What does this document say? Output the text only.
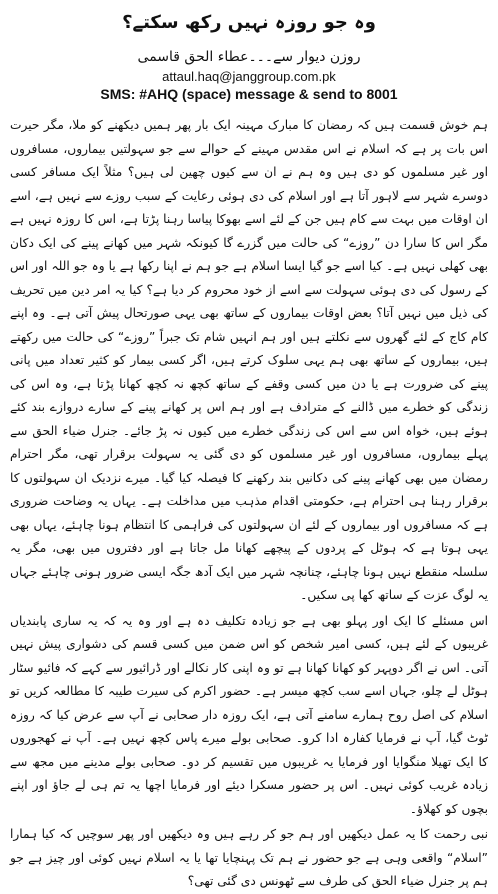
وہ جو روزہ نہیں رکھ سکتے؟
روزن دیوار سے۔۔۔عطاء الحق قاسمی
attaul.haq@janggroup.com.pk
SMS: #AHQ (space) message & send to 8001

ہم خوش قسمت ہیں کہ رمضان کا مبارک مہینہ ایک بار پھر ہمیں دیکھنے کو ملا، مگر حیرت اس بات پر ہے کہ اسلام نے اس مقدس مہینے کے حوالے سے جو سہولتیں بیماروں، مسافروں اور غیر مسلموں کو دی ہیں وہ ہم نے ان سے کیوں چھین لی ہیں؟ مثلاً ایک مسافر کسی دوسرے شہر سے لاہور آتا ہے اور اسلام کی دی ہوئی رعایت کے سبب روزے سے نہیں ہے، اسے ان اوقات میں بہت سے کام ہیں جن کے لئے اسے بھوکا پیاسا رہنا پڑتا ہے، اس کا روزہ نہیں ہے مگر اس کا سارا دن ”روزے“ کی حالت میں گزرے گا کیونکہ شہر میں کھانے پینے کی ایک دکان بھی کھلی نہیں ہے۔ کیا اسے جو گیا ایسا اسلام ہے جو ہم نے اپنا رکھا ہے یا وہ جو اللہ اور اس کے رسول کی دی ہوئی سہولت سے اسے از خود محروم کر دیا ہے؟ کیا یہ امر دین میں تحریف کی ذیل میں نہیں آتا؟ بعض اوقات بیماروں کے ساتھ بھی یہی صورتحال پیش آتی ہے۔ وہ اپنے کام کاج کے لئے گھروں سے نکلتے ہیں اور ہم انہیں شام تک جبراً ”روزے“ کی حالت میں رکھتے ہیں، بیماروں کے ساتھ بھی ہم یہی سلوک کرتے ہیں، اگر کسی بیمار کو کثیر تعداد میں پانی پینے کی ضرورت ہے یا دن میں کسی وقفے کے ساتھ کچھ نہ کچھ کھانا پڑتا ہے، وہ اس کی زندگی کو خطرے میں ڈالنے کے مترادف ہے اور ہم اس پر کھانے پینے کے سارے دروازے بند کئے ہوئے ہیں، خواہ اس سے اس کی زندگی خطرے میں کیوں نہ پڑ جائے۔ جنرل ضیاء الحق سے پہلے بیماروں، مسافروں اور غیر مسلموں کو دی گئی یہ سہولت برقرار تھی، مگر احترام رمضان میں بھی کھانے پینے کی دکانیں بند رکھنے کا فیصلہ کیا گیا۔ میرے نزدیک ان سہولتوں کا برقرار رہنا ہی احترام ہے، حکومتی اقدام مذہب میں مداخلت ہے۔ یہاں یہ وضاحت ضروری ہے کہ مسافروں اور بیماروں کے لئے ان سہولتوں کی فراہمی کا انتظام ہونا چاہئے، یہاں بھی یہی ہوتا ہے کہ ہوٹل کے پردوں کے پیچھے کھانا مل جاتا ہے اور دفتروں میں بھی، مگر یہ سلسلہ منقطع نہیں ہونا چاہئے، چنانچہ شہر میں ایک آدھ جگہ ایسی ضرور ہونی چاہئے جہاں یہ لوگ عزت کے ساتھ کھا پی سکیں۔

اس مسئلے کا ایک اور پہلو بھی ہے جو زیادہ تکلیف دہ ہے اور وہ یہ کہ یہ ساری پابندیاں غریبوں کے لئے ہیں، کسی امیر شخص کو اس ضمن میں کسی قسم کی دشواری پیش نہیں آتی۔ اس نے اگر دوپہر کو کھانا کھانا ہے تو وہ اپنی کار نکالے اور ڈرائیور سے کہے کہ فائیو سٹار ہوٹل لے چلو، جہاں اسے سب کچھ میسر ہے۔ حضور اکرم کی سیرت طیبہ کا مطالعہ کریں تو اسلام کی اصل روح ہمارے سامنے آتی ہے، ایک روزہ دار صحابی نے آپ سے عرض کیا کہ روزہ ٹوٹ گیا، آپ نے فرمایا کفارہ ادا کرو۔ صحابی بولے میرے پاس کچھ نہیں ہے۔ آپ نے کھجوروں کا ایک تھیلا منگوایا اور فرمایا یہ غریبوں میں تقسیم کر دو۔ صحابی بولے مدینے میں مجھ سے زیادہ غریب کوئی نہیں۔ اس پر حضور مسکرا دیئے اور فرمایا اچھا یہ تم ہی لے جاؤ اور اپنے بچوں کو کھلاؤ۔

نبی رحمت کا یہ عمل دیکھیں اور ہم جو کر رہے ہیں وہ دیکھیں اور پھر سوچیں کہ کیا ہمارا ”اسلام“ واقعی وہی ہے جو حضور نے ہم تک پہنچایا تھا یا یہ اسلام نہیں کوئی اور چیز ہے جو ہم پر جنرل ضیاء الحق کی طرف سے ٹھونس دی گئی تھی؟
